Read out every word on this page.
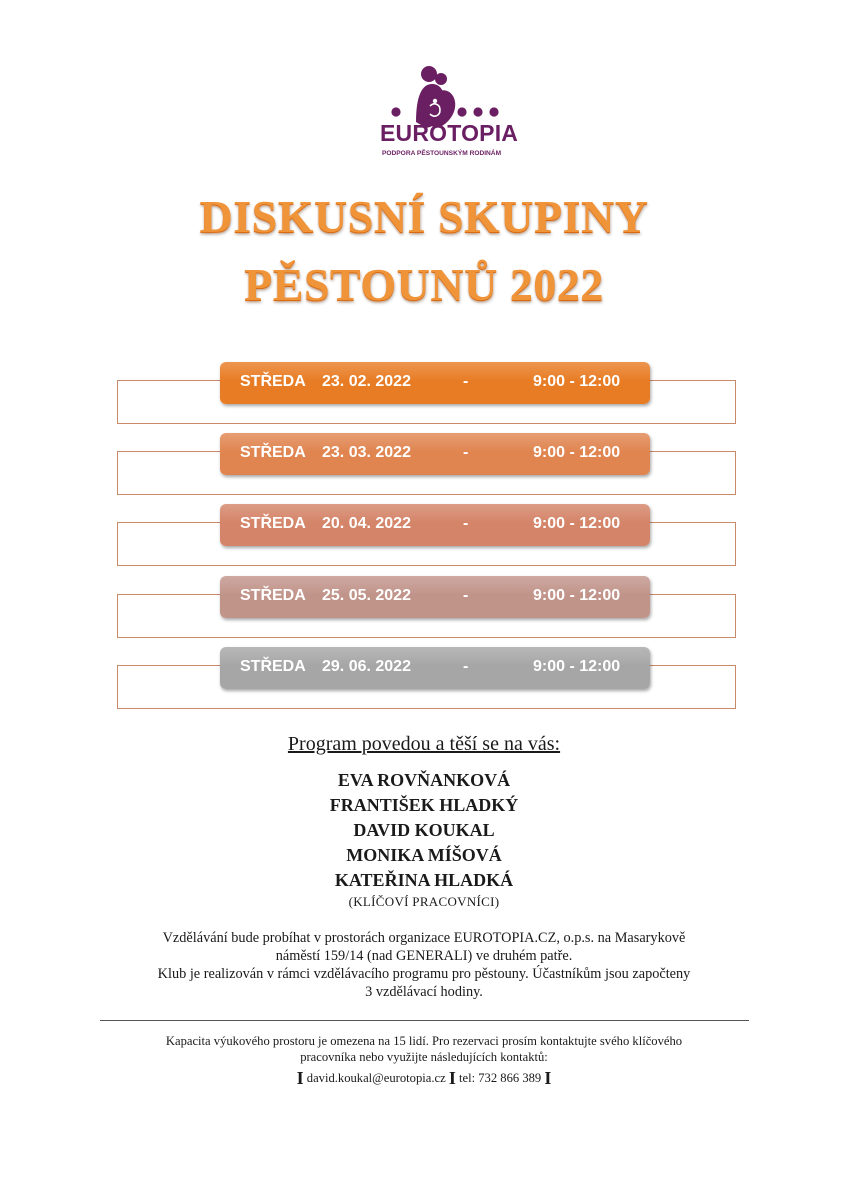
EUROTOPIA
PODPORA PĚSTOUNSKÝM RODINÁM
DISKUSNÍ SKUPINY
PĚSTOUNŮ 2022
STŘEDA 23. 02. 2022	-	9:00 - 12:00
STŘEDA 23. 03. 2022	-	9:00 - 12:00
STŘEDA 20. 04. 2022	-	9:00 - 12:00
STŘEDA 25. 05. 2022	-	9:00 - 12:00
STŘEDA 29. 06. 2022	-	9:00 - 12:00
Program povedou a těší se na vás:
EVA ROVŇANKOVÁ
FRANTIŠEK HLADKÝ
DAVID KOUKAL
MONIKA MÍŠOVÁ
KATEŘINA HLADKÁ
(KLÍČOVÍ PRACOVNÍCI)
Vzdělávání bude probíhat v prostorách organizace EUROTOPIA.CZ, o.p.s. na Masarykově
náměstí 159/14 (nad GENERALI) ve druhém patře.
Klub je realizován v rámci vzdělávacího programu pro pěstouny. Účastníkům jsou započteny
3 vzdělávací hodiny.
Kapacita výukového prostoru je omezena na 15 lidí. Pro rezervaci prosím kontaktujte svého klíčového
pracovníka nebo využijte následujících kontaktů:
I david.koukal@eurotopia.cz I tel: 732 866 389 I
